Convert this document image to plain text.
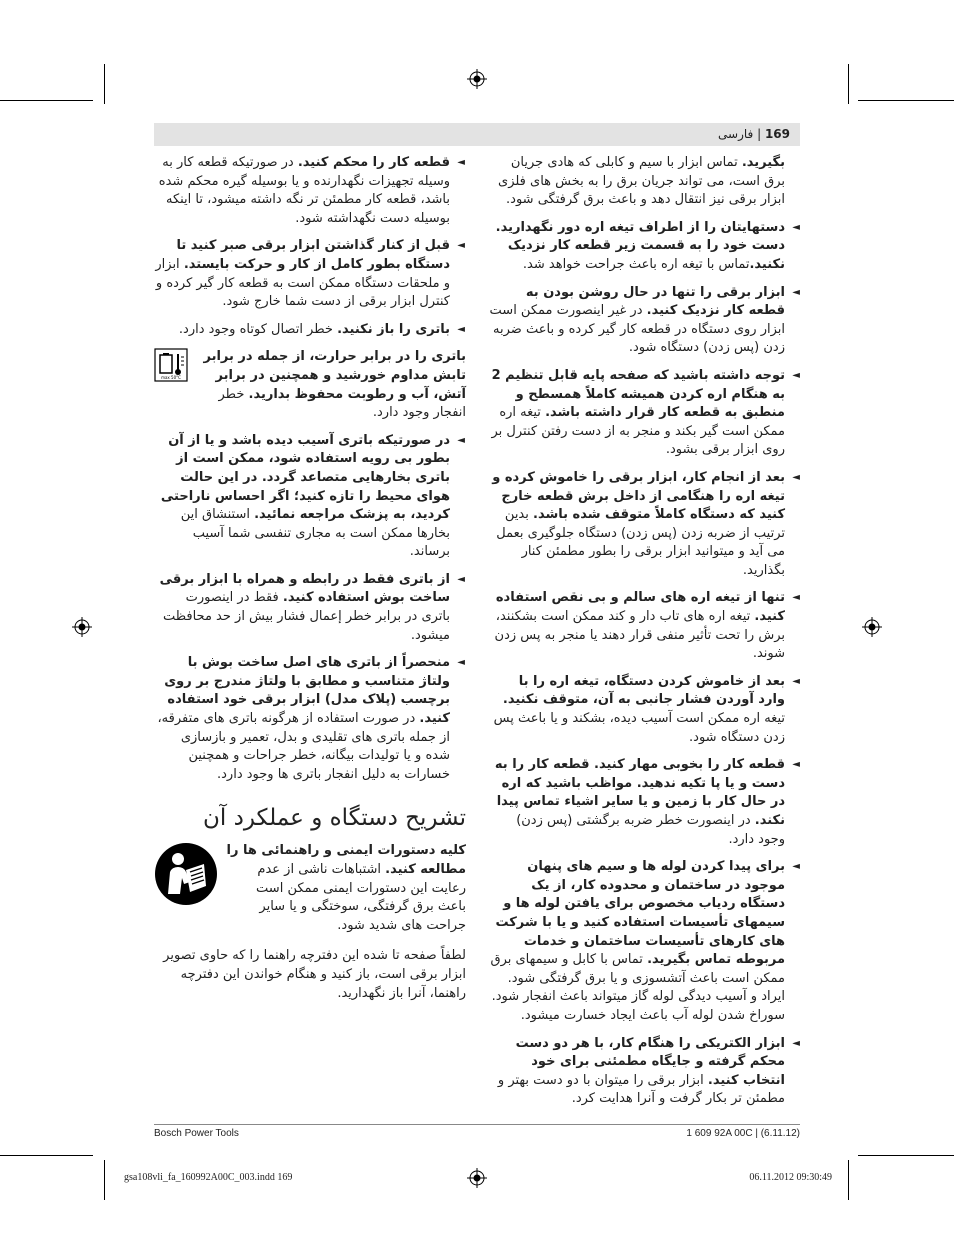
169 | فارسی
بگیرید. تماس ابزار با سیم و کابلی که هادی جریان برق است، می تواند جریان برق را به بخش های فلزی ابزار برقی نیز انتقال دهد و باعث برق گرفتگی شود.
◄
دستهایتان را از اطراف تیغه اره دور نگهدارید. دست خود را به قسمت زیر قطعه کار نزدیک نکنید.تماس با تیغه اره باعث جراحت خواهد شد.
◄
ابزار برقی را تنها در حال روشن بودن به قطعه کار نزدیک کنید. در غیر اینصورت ممکن است ابزار روی دستگاه در قطعه کار گیر کرده و باعث ضربه زدن (پس زدن) دستگاه شود.
◄
توجه داشته باشید که صفحه پایه قابل تنظیم 2 به هنگام اره کردن همیشه کاملاً همسطح و منطبق به قطعه کار قرار داشته باشد. تیغه اره ممکن است گیر بکند و منجر به از دست رفتن کنترل بر روی ابزار برقی بشود.
◄
بعد از انجام کار، ابزار برقی را خاموش کرده و تیغه اره را هنگامی از داخل برش قطعه خارج کنید که دستگاه کاملاً متوقف شده باشد. بدین ترتیب از ضربه زدن (پس زدن) دستگاه جلوگیری بعمل می آید و میتوانید ابزار برقی را بطور مطمئن کنار بگذارید.
◄
تنها از تیغه اره های سالم و بی نقص استفاده کنید. تیغه اره های تاب دار و کند ممکن است بشکنند، برش را تحت تأثیر منفی قرار دهند یا منجر به پس زدن شوند.
◄
بعد از خاموش کردن دستگاه، تیغه اره را با وارد آوردن فشار جانبی به آن، متوقف نکنید. تیغه اره ممکن است آسیب دیده، بشکند و یا باعث پس زدن دستگاه شود.
◄
قطعه کار را بخوبی مهار کنید. قطعه کار را به دست و یا پا تکیه ندهید. مواظب باشید که اره در حال کار با زمین و یا سایر اشیاء تماس پیدا نکند. در اینصورت خطر ضربه برگشتی (پس زدن) وجود دارد.
◄
برای پیدا کردن لوله ها و سیم های پنهان موجود در ساختمان و محدوده کار، از یک دستگاه ردیاب مخصوص برای یافتن لوله ها و سیمهای تأسیسات استفاده کنید و یا با شرکت های کارهای تأسیسات ساختمان و خدمات مربوطه تماس بگیرید. تماس با کابل و سیمهای برق ممکن است باعث آتشسوزی و یا برق گرفتگی شود. ایراد و آسیب دیدگی لوله گاز میتواند باعث انفجار شود. سوراخ شدن لوله آب باعث ایجاد خسارت میشود.
◄
ابزار الکتریکی را هنگام کار، با هر دو دست محکم گرفته و جایگاه مطمئنی برای خود انتخاب کنید. ابزار برقی را میتوان با دو دست بهتر و مطمئن تر بکار گرفت و آنرا هدایت کرد.
◄
قطعه کار را محکم کنید. در صورتیکه قطعه کار به وسیله تجهیزات نگهدارنده و یا بوسیله گیره محکم شده باشد، قطعه کار مطمئن تر نگه داشته میشود، تا اینکه بوسیله دست نگهداشته شود.
◄
قبل از کنار گذاشتن ابزار برقی صبر کنید تا دستگاه بطور کامل از کار و حرکت بایستد. ابزار و ملحقات دستگاه ممکن است به قطعه کار گیر کرده و کنترل ابزار برقی از دست شما خارج شود.
◄
باتری را باز نکنید. خطر اتصال کوتاه وجود دارد.
max 50°C
باتری را در برابر حرارت، از جمله در برابر تابش مداوم خورشید و همچنین در برابر آتش، آب و رطوبت محفوظ بدارید. خطر انفجار وجود دارد.
◄
در صورتیکه باتری آسیب دیده باشد و یا از آن بطور بی رویه استفاده شود، ممکن است از باتری بخارهایی متصاعد گردد. در این حالت هوای محیط را تازه کنید؛ اگر احساس ناراحتی کردید، به پزشک مراجعه نمائید. استنشاق این بخارها ممکن است به مجاری تنفسی شما آسیب برساند.
◄
از باتری فقط در رابطه و همراه با ابزار برقی ساخت بوش استفاده کنید. فقط در اینصورت باتری در برابر خطر إعمال فشار بیش از حد محافظت میشود.
◄
منحصراً از باتری های اصل ساخت بوش با ولتاژ متناسب و مطابق با ولتاژ مندرج بر روی برچسب (پلاک مدل) ابزار برقی خود استفاده کنید. در صورت استفاده از هرگونه باتری های متفرقه، از جمله باتری های تقلیدی و بدل، تعمیر و بازسازی شده و یا تولیدات بیگانه، خطر جراحات و همچنین خسارات به دلیل انفجار باتری ها وجود دارد.
تشریح دستگاه و عملکرد آن
کلیه دستورات ایمنی و راهنمائی ها را مطالعه کنید. اشتباهات ناشی از عدم رعایت این دستورات ایمنی ممکن است باعث برق گرفتگی، سوختگی و یا سایر جراحت های شدید شود.
لطفاً صفحه تا شده این دفترچه راهنما را که حاوی تصویر ابزار برقی است، باز کنید و هنگام خواندن این دفترچه راهنما، آنرا باز نگهدارید.
Bosch Power Tools	1 609 92A 00C | (6.11.12)
gsa108vli_fa_160992A00C_003.indd 169	06.11.2012 09:30:49
